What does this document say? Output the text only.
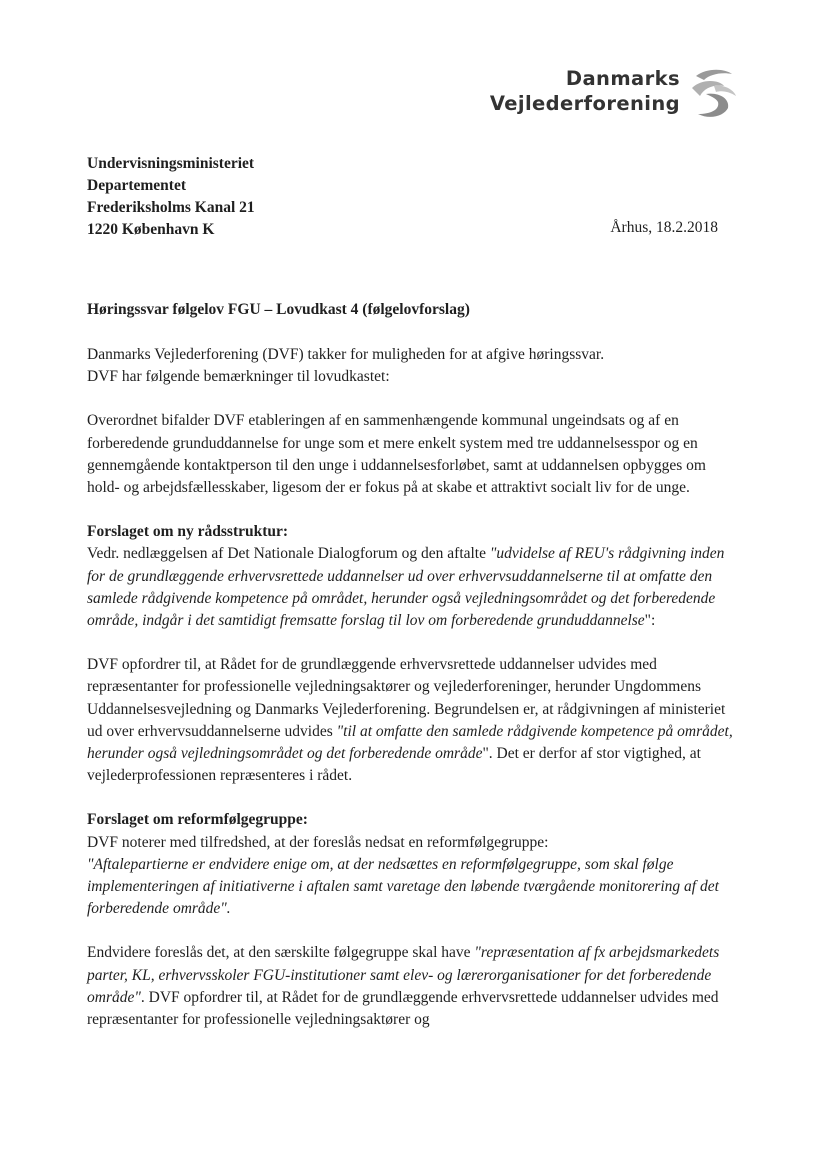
Danmarks
Vejlederforening
Undervisningsministeriet
Departementet
Frederiksholms Kanal 21
1220 København K	Århus, 18.2.2018
Høringssvar følgelov FGU – Lovudkast 4 (følgelovforslag)

Danmarks Vejlederforening (DVF) takker for muligheden for at afgive høringssvar.
DVF har følgende bemærkninger til lovudkastet:

Overordnet bifalder DVF etableringen af en sammenhængende kommunal ungeindsats og af en forberedende grunduddannelse for unge som et mere enkelt system med tre uddannelsesspor og en gennemgående kontaktperson til den unge i uddannelsesforløbet, samt at uddannelsen opbygges om hold- og arbejdsfællesskaber, ligesom der er fokus på at skabe et attraktivt socialt liv for de unge.

Forslaget om ny rådsstruktur:
Vedr. nedlæggelsen af Det Nationale Dialogforum og den aftalte "udvidelse af REU's rådgivning inden for de grundlæggende erhvervsrettede uddannelser ud over erhvervsuddannelserne til at omfatte den samlede rådgivende kompetence på området, herunder også vejledningsområdet og det forberedende område, indgår i det samtidigt fremsatte forslag til lov om forberedende grunduddannelse":

DVF opfordrer til, at Rådet for de grundlæggende erhvervsrettede uddannelser udvides med repræsentanter for professionelle vejledningsaktører og vejlederforeninger, herunder Ungdommens Uddannelsesvejledning og Danmarks Vejlederforening. Begrundelsen er, at rådgivningen af ministeriet ud over erhvervsuddannelserne udvides "til at omfatte den samlede rådgivende kompetence på området, herunder også vejledningsområdet og det forberedende område". Det er derfor af stor vigtighed, at vejlederprofessionen repræsenteres i rådet.

Forslaget om reformfølgegruppe:
DVF noterer med tilfredshed, at der foreslås nedsat en reformfølgegruppe:
"Aftalepartierne er endvidere enige om, at der nedsættes en reformfølgegruppe, som skal følge implementeringen af initiativerne i aftalen samt varetage den løbende tværgående monitorering af det forberedende område".

Endvidere foreslås det, at den særskilte følgegruppe skal have "repræsentation af fx arbejdsmarkedets parter, KL, erhvervsskoler FGU-institutioner samt elev- og lærerorganisationer for det forberedende område". DVF opfordrer til, at Rådet for de grundlæggende erhvervsrettede uddannelser udvides med repræsentanter for professionelle vejledningsaktører og
